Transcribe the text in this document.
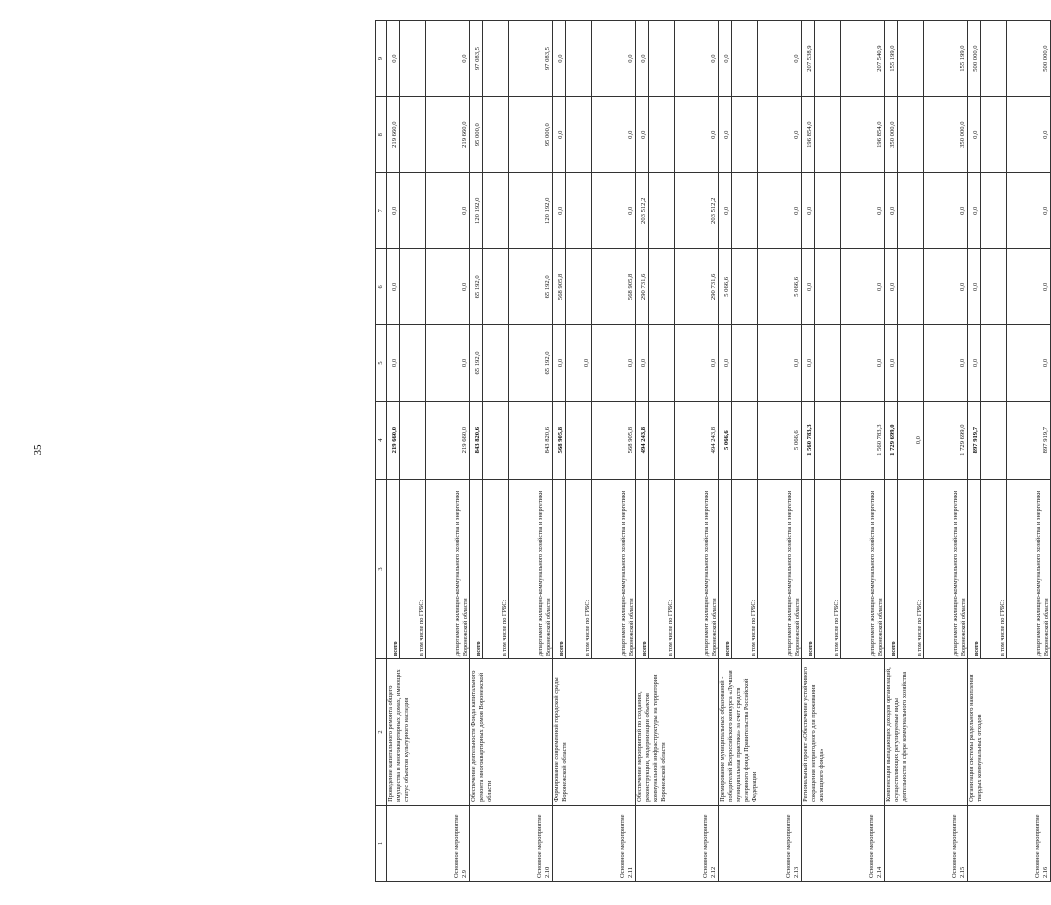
35
1	2	3	4	5	6	7	8	9
Основное мероприятие 2.9	Проведение капитального ремонта общего имущества в многоквартирных домах, имеющих статус объектов культурного наследия	всего	219 660,0	0,0	0,0	0,0	219 660,0	0,0
		в том числе по ГРБС:						
		департамент жилищно-коммунального хозяйства и энергетики Воронежской области	219 660,0	0,0	0,0	0,0	219 660,0	0,0
Основное мероприятие 2.10	Обеспечение деятельности Фонда капитального ремонта многоквартирных домов Воронежской области	всего	843 820,6	65 192,0	65 192,0	120 192,0	95 000,0	97 083,5
		в том числе по ГРБС:						
		департамент жилищно-коммунального хозяйства и энергетики Воронежской области	843 820,6	65 192,0	65 192,0	120 192,0	95 000,0	97 083,5
Основное мероприятие 2.11	Формирование современной городской среды Воронежской области	всего	568 905,8	0,0	568 905,8	0,0	0,0	0,0
		в том числе по ГРБС:		0,0				
		департамент жилищно-коммунального хозяйства и энергетики Воронежской области	568 905,8	0,0	568 905,8	0,0	0,0	0,0
Основное мероприятие 2.12	Обеспечение мероприятий по созданию, реконструкции, модернизации объектов коммунальной инфраструктуры на территории Воронежской области	всего	494 243,8	0,0	290 731,6	203 512,2	0,0	0,0
		в том числе по ГРБС:						
		департамент жилищно-коммунального хозяйства и энергетики Воронежской области	494 243,8	0,0	290 731,6	203 512,2	0,0	0,0
Основное мероприятие 2.13	Премирование муниципальных образований - победителей Всероссийского конкурса «Лучшая муниципальная практика» за счет средств резервного фонда Правительства Российской Федерации	всего	5 066,6	0,0	5 066,6	0,0	0,0	0,0
		в том числе по ГРБС:						
		департамент жилищно-коммунального хозяйства и энергетики Воронежской области	5 066,6	0,0	5 066,6	0,0	0,0	0,0
Основное мероприятие 2.14	Региональный проект «Обеспечение устойчивого сокращения непригодного для проживания жилищного фонда»	всего	1 560 783,3	0,0	0,0	0,0	196 854,0	207 538,9
		в том числе по ГРБС:						
		департамент жилищно-коммунального хозяйства и энергетики Воронежской области	1 560 783,3	0,0	0,0	0,0	196 854,0	207 540,9
Основное мероприятие 2.15	Компенсация выпадающих доходов организаций, осуществляющих регулируемые виды деятельности в сфере коммунального хозяйства	всего	1 729 699,0	0,0	0,0	0,0	350 000,0	155 199,0
		в том числе по ГРБС:	0,0					
		департамент жилищно-коммунального хозяйства и энергетики Воронежской области	1 729 699,0	0,0	0,0	0,0	350 000,0	155 199,0
Основное мероприятие 2.16	Организация системы раздельного накопления твердых коммунальных отходов	всего	897 919,7	0,0	0,0	0,0	0,0	500 000,0
		в том числе по ГРБС:						
		департамент жилищно-коммунального хозяйства и энергетики Воронежской области	897 919,7	0,0	0,0	0,0	0,0	500 000,0
